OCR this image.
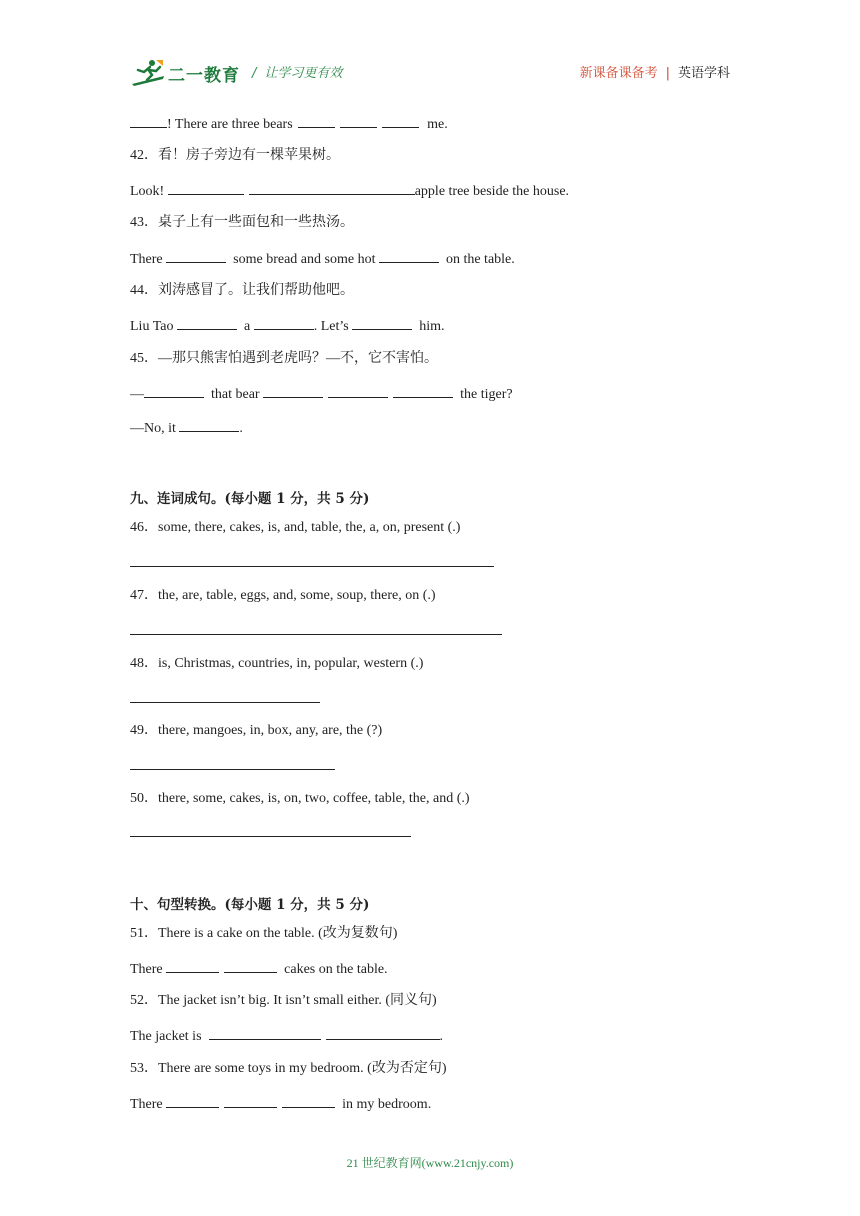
二一教育 / 让学习更有效	新课备课备考 | 英语学科
! There are three bears	me.
42．看！房子旁边有一棵苹果树。
Look!	apple tree beside the house.
43．桌子上有一些面包和一些热汤。
There	some bread and some hot	on the table.
44．刘涛感冒了。让我们帮助他吧。
Liu Tao	a	. Let’s	him.
45．—那只熊害怕遇到老虎吗？—不，它不害怕。
—	that bear	the tiger?
—No, it	.
九、连词成句。(每小题 1 分，共 5 分)
46．some, there, cakes, is, and, table, the, a, on, present (.)
47．the, are, table, eggs, and, some, soup, there, on (.)
48．is, Christmas, countries, in, popular, western (.)
49．there, mangoes, in, box, any, are, the (?)
50．there, some, cakes, is, on, two, coffee, table, the, and (.)
十、句型转换。(每小题 1 分，共 5 分)
51．There is a cake on the table. (改为复数句)
There	cakes on the table.
52．The jacket isn’t big. It isn’t small either. (同义句)
The jacket is	.
53．There are some toys in my bedroom. (改为否定句)
There	in my bedroom.
21 世纪教育网(www.21cnjy.com)
